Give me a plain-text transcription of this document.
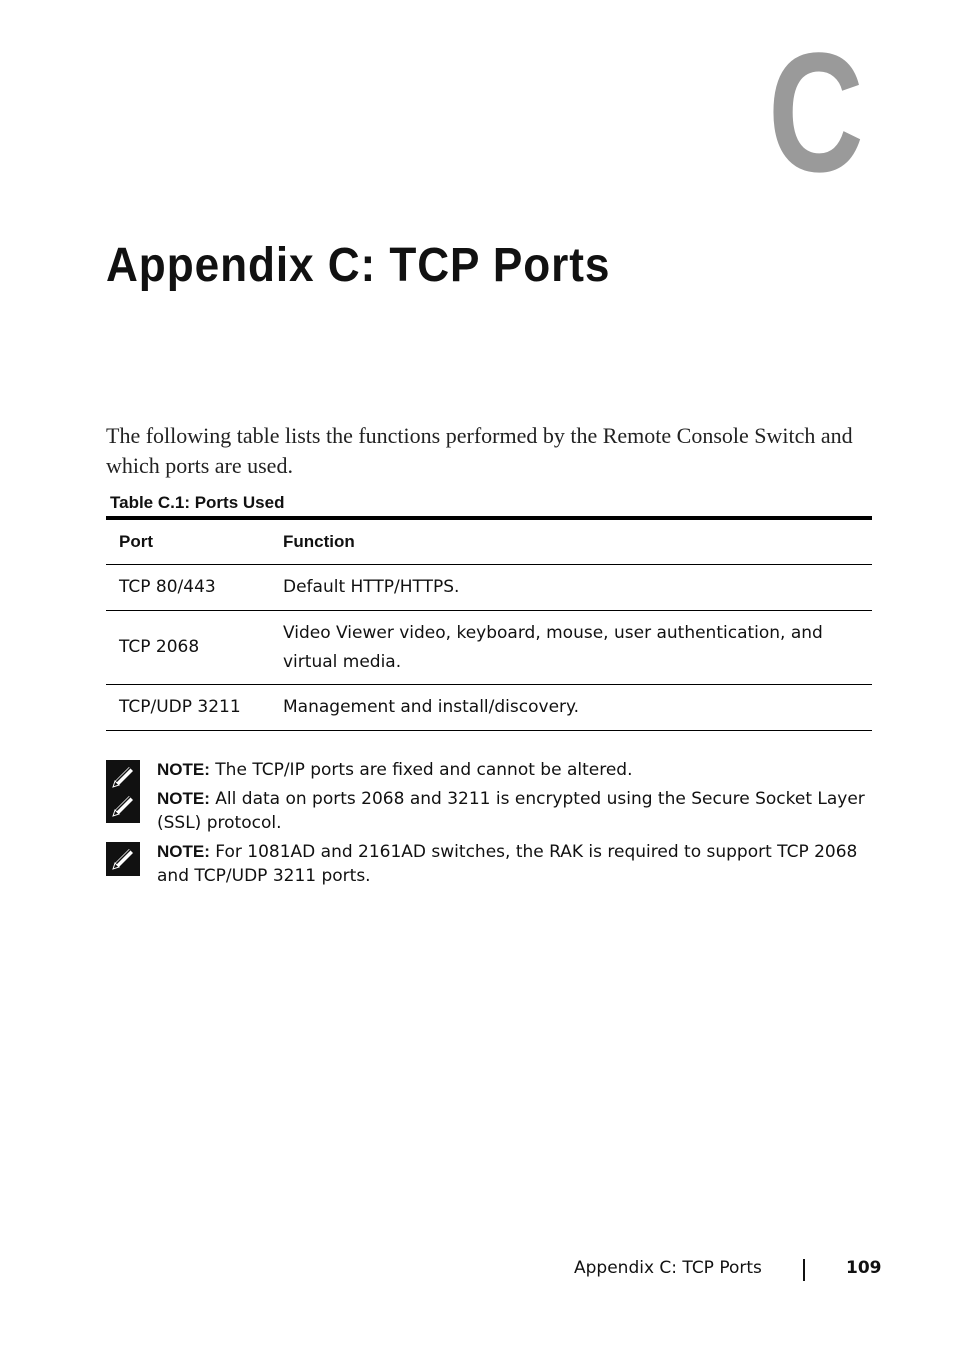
C
Appendix C: TCP Ports

The following table lists the functions performed by the Remote Console Switch and which ports are used.

Table C.1: Ports Used
Port	Function
TCP 80/443	Default HTTP/HTTPS.
TCP 2068	Video Viewer video, keyboard, mouse, user authentication, and virtual media.
TCP/UDP 3211	Management and install/discovery.
NOTE: The TCP/IP ports are fixed and cannot be altered.
NOTE: All data on ports 2068 and 3211 is encrypted using the Secure Socket Layer (SSL) protocol.
NOTE: For 1081AD and 2161AD switches, the RAK is required to support TCP 2068 and TCP/UDP 3211 ports.
Appendix C: TCP Ports	109
